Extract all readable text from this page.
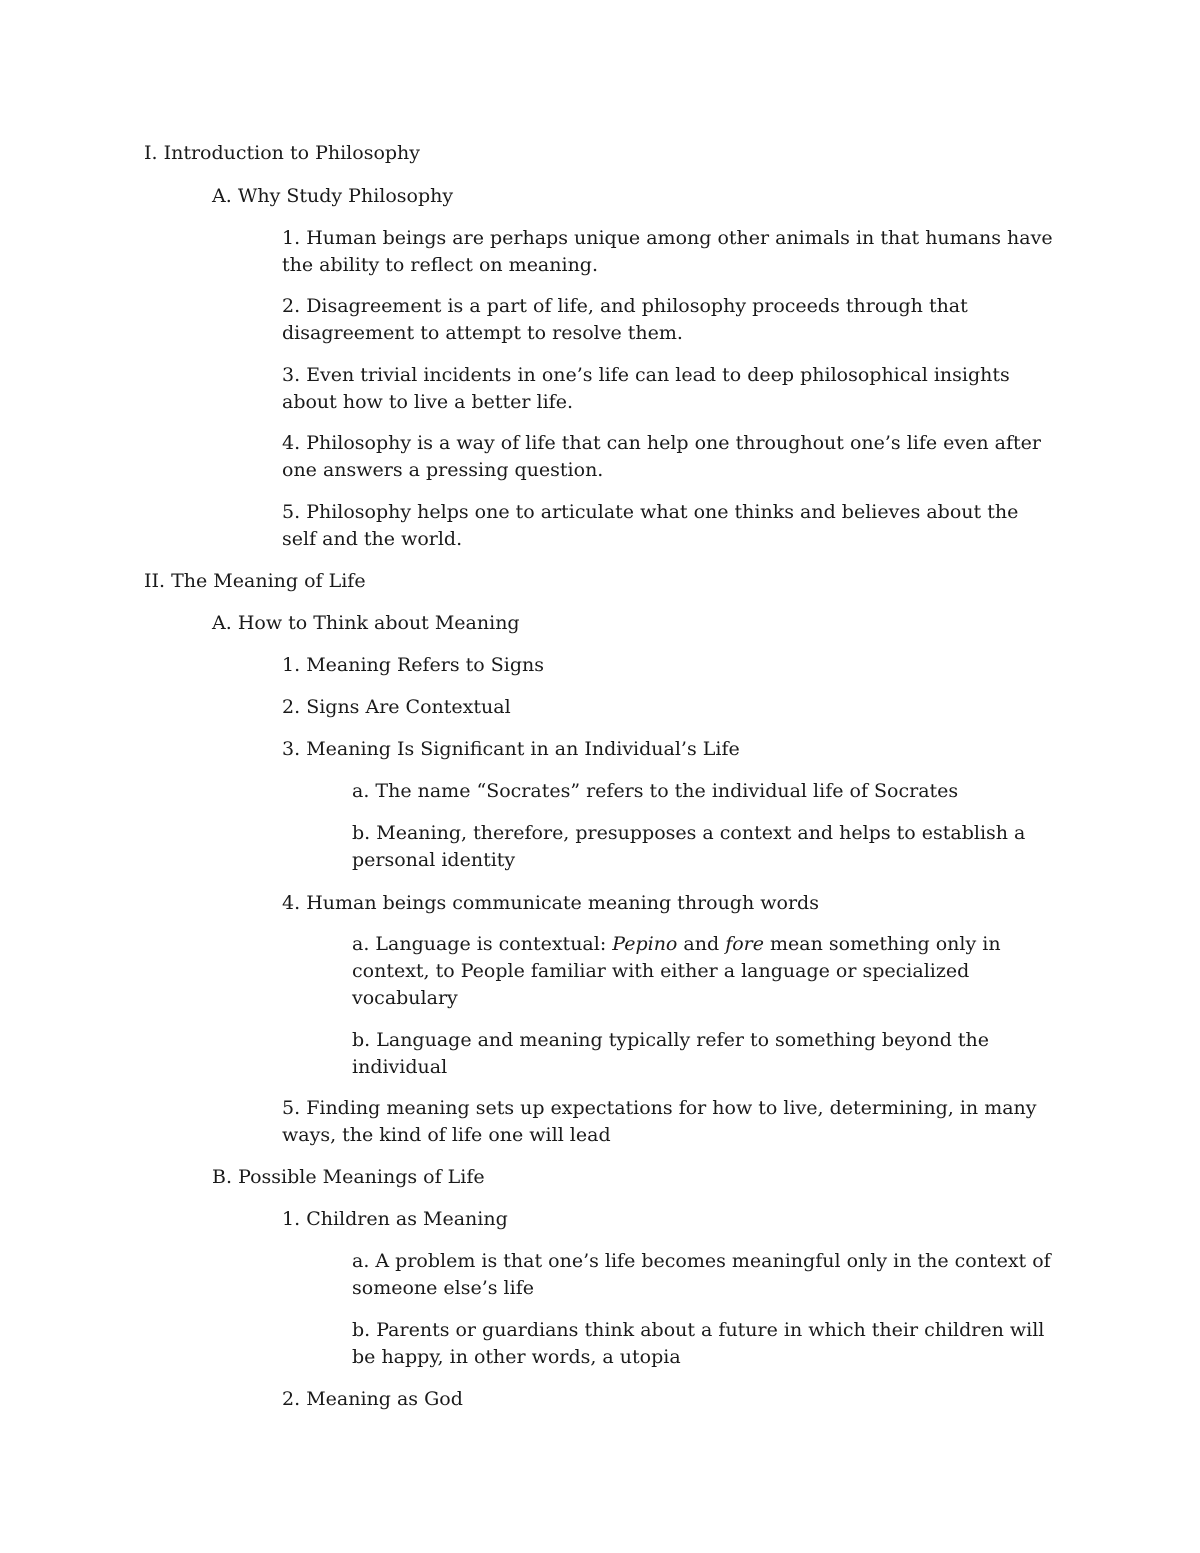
I. Introduction to Philosophy

A. Why Study Philosophy

1. Human beings are perhaps unique among other animals in that humans have the ability to reflect on meaning.

2. Disagreement is a part of life, and philosophy proceeds through that disagreement to attempt to resolve them.

3. Even trivial incidents in one’s life can lead to deep philosophical insights about how to live a better life.

4. Philosophy is a way of life that can help one throughout one’s life even after one answers a pressing question.

5. Philosophy helps one to articulate what one thinks and believes about the self and the world.

II. The Meaning of Life

A. How to Think about Meaning

1. Meaning Refers to Signs

2. Signs Are Contextual

3. Meaning Is Significant in an Individual’s Life

a. The name “Socrates” refers to the individual life of Socrates

b. Meaning, therefore, presupposes a context and helps to establish a personal identity

4. Human beings communicate meaning through words

a. Language is contextual: Pepino and fore mean something only in context, to People familiar with either a language or specialized vocabulary

b. Language and meaning typically refer to something beyond the individual

5. Finding meaning sets up expectations for how to live, determining, in many ways, the kind of life one will lead

B. Possible Meanings of Life

1. Children as Meaning

a. A problem is that one’s life becomes meaningful only in the context of someone else’s life

b. Parents or guardians think about a future in which their children will be happy, in other words, a utopia

2. Meaning as God
